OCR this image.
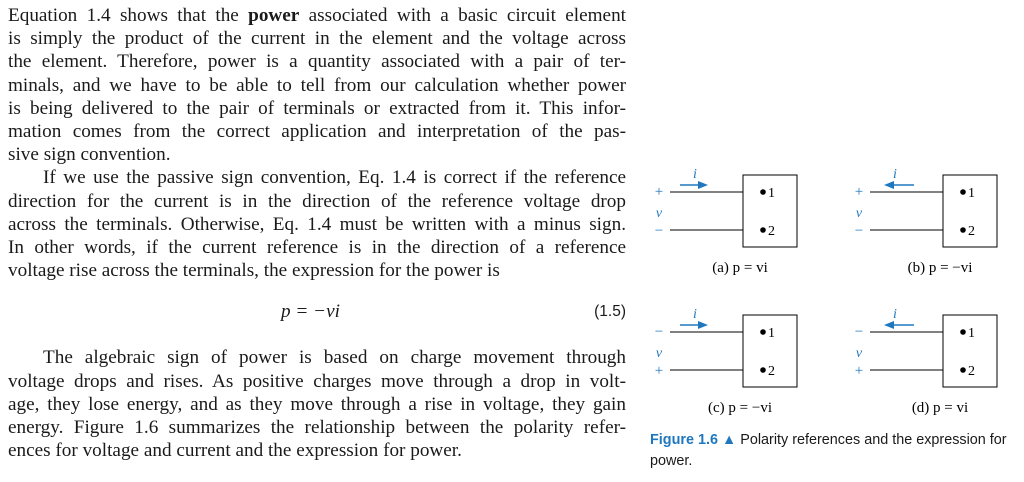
Equation 1.4 shows that the power associated with a basic circuit element
is simply the product of the current in the element and the voltage across
the element. Therefore, power is a quantity associated with a pair of ter-
minals, and we have to be able to tell from our calculation whether power
is being delivered to the pair of terminals or extracted from it. This infor-
mation comes from the correct application and interpretation of the pas-
sive sign convention.
If we use the passive sign convention, Eq. 1.4 is correct if the reference
direction for the current is in the direction of the reference voltage drop
across the terminals. Otherwise, Eq. 1.4 must be written with a minus sign.
In other words, if the current reference is in the direction of a reference
voltage rise across the terminals, the expression for the power is
p = −vi	(1.5)
The algebraic sign of power is based on charge movement through
voltage drops and rises. As positive charges move through a drop in volt-
age, they lose energy, and as they move through a rise in voltage, they gain
energy. Figure 1.6 summarizes the relationship between the polarity refer-
ences for voltage and current and the expression for power.
1
2
+
v
−
i
(a) p = vi
1
2
+
v
−
i
(b) p = −vi
1
2
−
v
+
i
(c) p = −vi
1
2
−
v
+
i
(d) p = vi
Figure 1.6 ▲ Polarity references and the expression for power.
